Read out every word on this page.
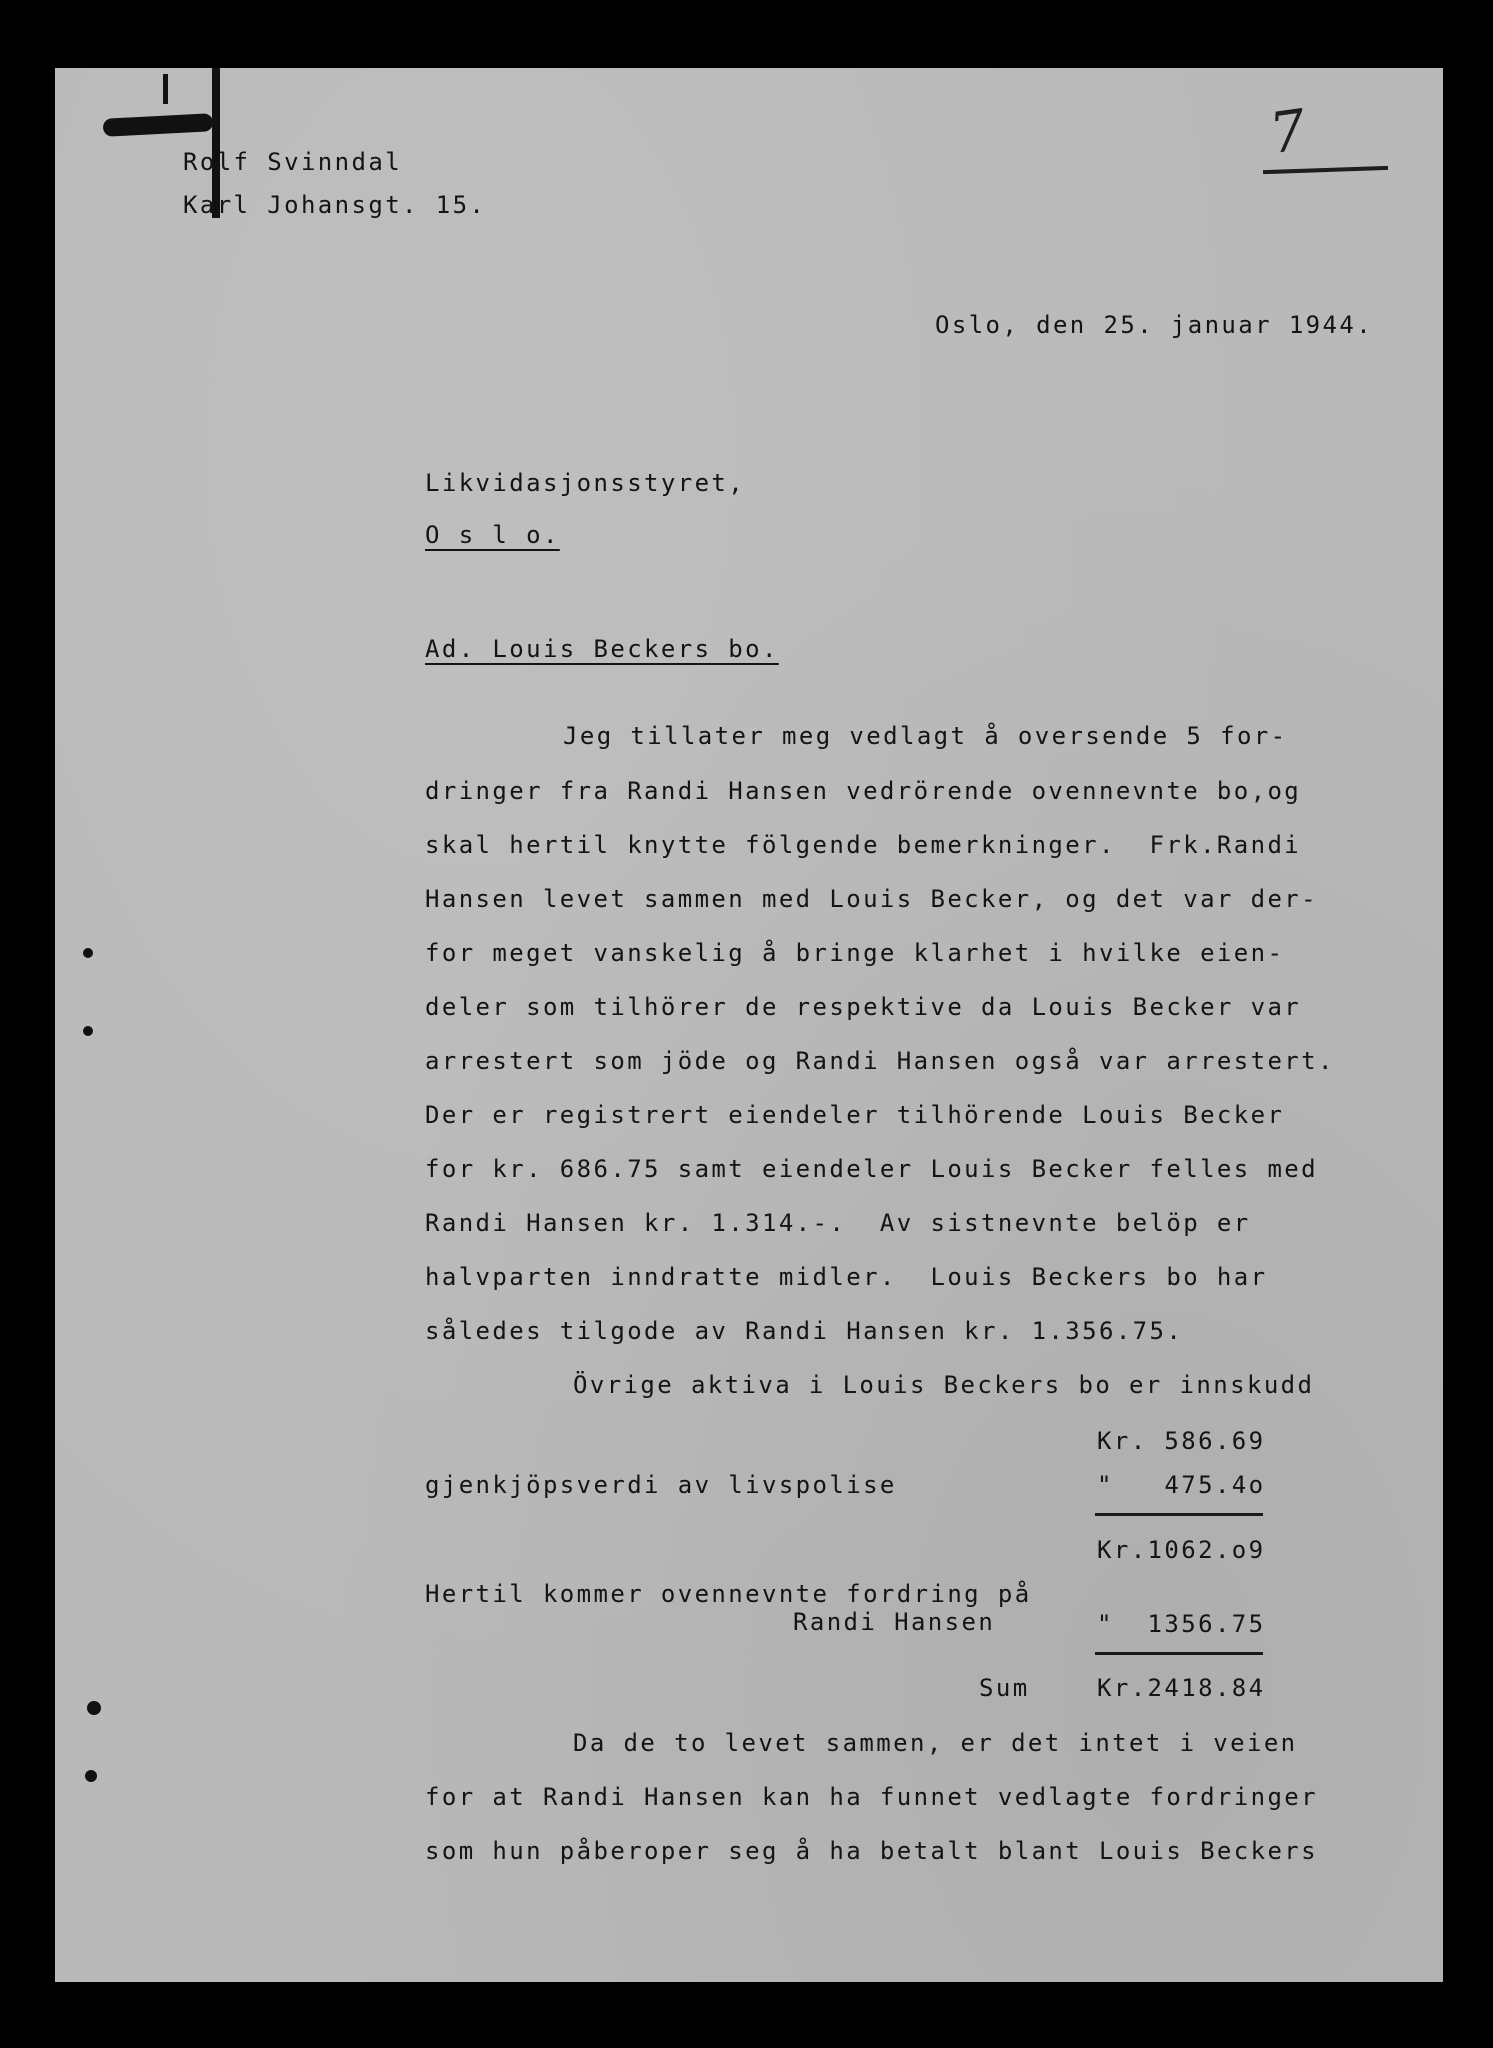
7
Rolf Svinndal
Karl Johansgt. 15.
Oslo, den 25. januar 1944.
Likvidasjonsstyret,
O s l o.
Ad. Louis Beckers bo.
Jeg tillater meg vedlagt å oversende 5 for-
dringer fra Randi Hansen vedrörende ovennevnte bo,og
skal hertil knytte fölgende bemerkninger.  Frk.Randi
Hansen levet sammen med Louis Becker, og det var der-
for meget vanskelig å bringe klarhet i hvilke eien-
deler som tilhörer de respektive da Louis Becker var
arrestert som jöde og Randi Hansen også var arrestert.
Der er registrert eiendeler tilhörende Louis Becker
for kr. 686.75 samt eiendeler Louis Becker felles med
Randi Hansen kr. 1.314.-.  Av sistnevnte belöp er
halvparten inndratte midler.  Louis Beckers bo har
således tilgode av Randi Hansen kr. 1.356.75.
Övrige aktiva i Louis Beckers bo er innskudd
Kr. 586.69
gjenkjöpsverdi av livspolise	"   475.4o
Kr.1062.o9
Hertil kommer ovennevnte fordring på
Randi Hansen	"  1356.75
Sum	Kr.2418.84
Da de to levet sammen, er det intet i veien
for at Randi Hansen kan ha funnet vedlagte fordringer
som hun påberoper seg å ha betalt blant Louis Beckers
